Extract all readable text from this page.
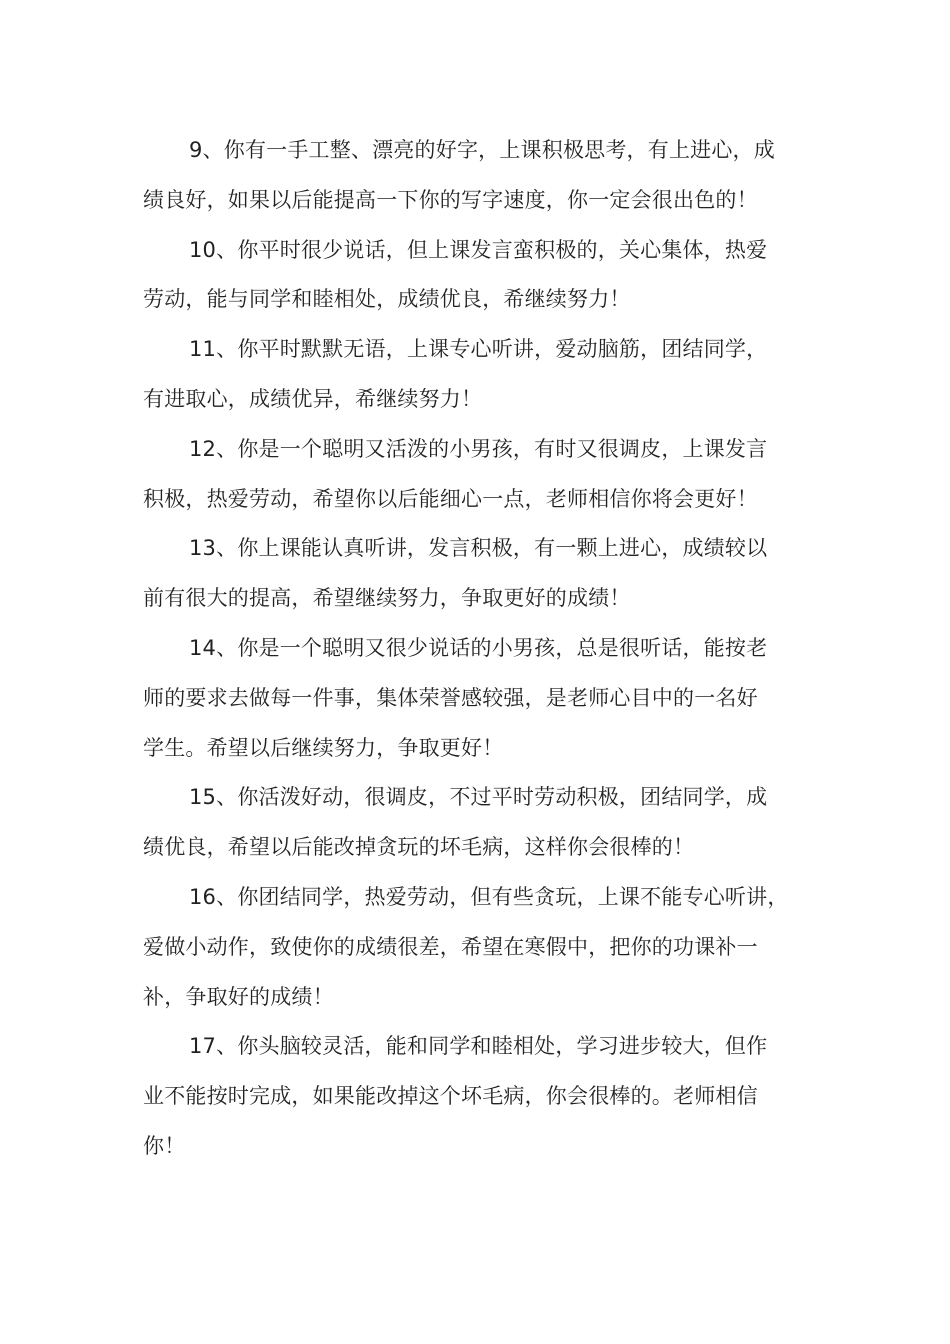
9、你有一手工整、漂亮的好字，上课积极思考，有上进心，成
绩良好，如果以后能提高一下你的写字速度，你一定会很出色的！

10、你平时很少说话，但上课发言蛮积极的，关心集体，热爱
劳动，能与同学和睦相处，成绩优良，希继续努力！

11、你平时默默无语，上课专心听讲，爱动脑筋，团结同学，
有进取心，成绩优异，希继续努力！

12、你是一个聪明又活泼的小男孩，有时又很调皮，上课发言
积极，热爱劳动，希望你以后能细心一点，老师相信你将会更好！

13、你上课能认真听讲，发言积极，有一颗上进心，成绩较以
前有很大的提高，希望继续努力，争取更好的成绩！

14、你是一个聪明又很少说话的小男孩，总是很听话，能按老
师的要求去做每一件事，集体荣誉感较强，是老师心目中的一名好
学生。希望以后继续努力，争取更好！

15、你活泼好动，很调皮，不过平时劳动积极，团结同学，成
绩优良，希望以后能改掉贪玩的坏毛病，这样你会很棒的！

16、你团结同学，热爱劳动，但有些贪玩，上课不能专心听讲，
爱做小动作，致使你的成绩很差，希望在寒假中，把你的功课补一
补，争取好的成绩！

17、你头脑较灵活，能和同学和睦相处，学习进步较大，但作
业不能按时完成，如果能改掉这个坏毛病，你会很棒的。老师相信
你！
